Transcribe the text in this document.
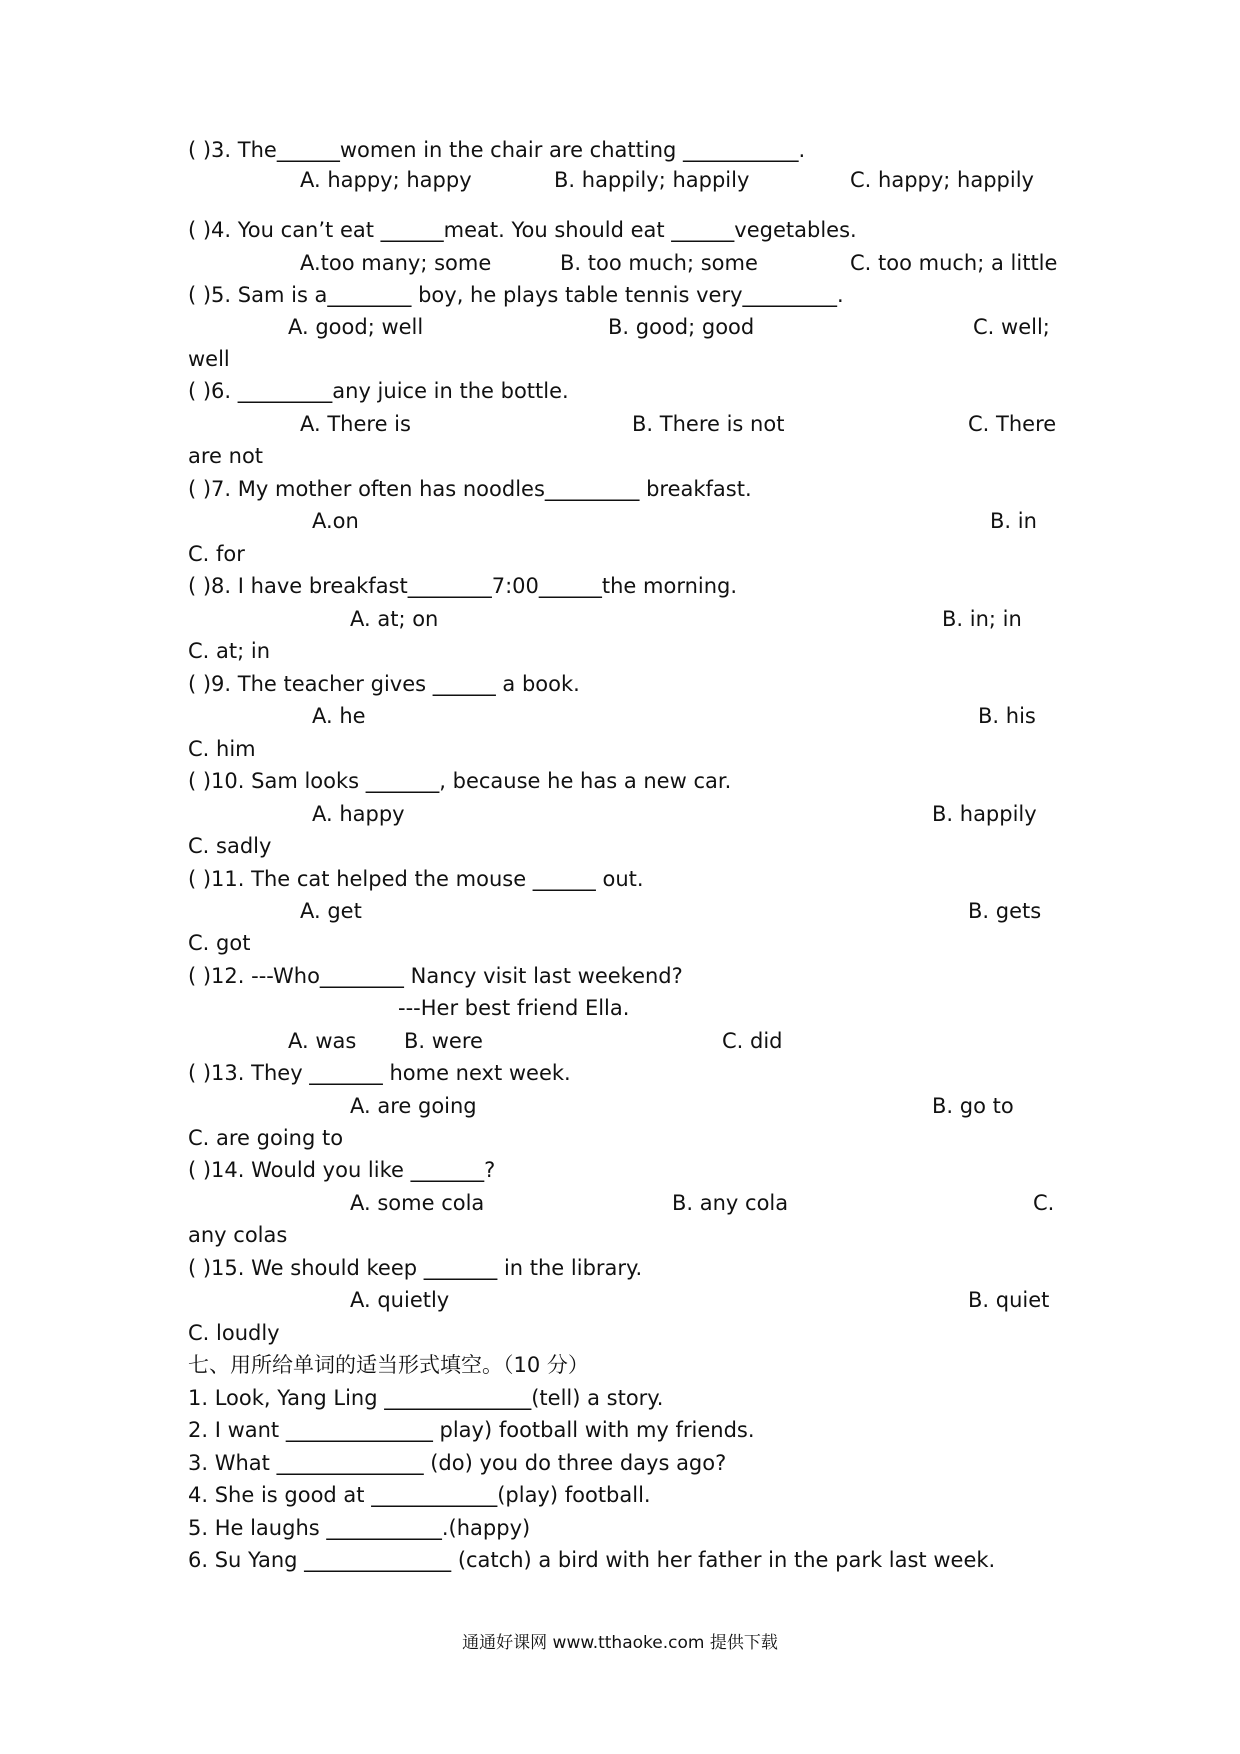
( )3. The______women in the chair are chatting ___________.
A. happy; happy	B. happily; happily	C. happy; happily
( )4. You can’t eat ______meat. You should eat ______vegetables.
A.too many; some	B. too much; some	C. too much; a little
( )5. Sam is a________ boy, he plays table tennis very_________.
A. good; well	B. good; good	C. well;
well
( )6. _________any juice in the bottle.
A. There is	B. There is not	C. There
are not
( )7. My mother often has noodles_________ breakfast.
A.on	B. in
C. for
( )8. I have breakfast________7:00______the morning.
A. at; on	B. in; in
C. at; in
( )9. The teacher gives ______ a book.
A. he	B. his
C. him
( )10. Sam looks _______, because he has a new car.
A. happy	B. happily
C. sadly
( )11. The cat helped the mouse ______ out.
A. get	B. gets
C. got
( )12. ---Who________ Nancy visit last weekend?
---Her best friend Ella.
A. was B. were	C. did
( )13. They _______ home next week.
A. are going	B. go to
C. are going to
( )14. Would you like _______?
A. some cola	B. any cola	C.
any colas
( )15. We should keep _______ in the library.
A. quietly	B. quiet
C. loudly
七、用所给单词的适当形式填空。（10 分）
1. Look, Yang Ling ______________(tell) a story.
2. I want ______________ play) football with my friends.
3. What ______________ (do) you do three days ago?
4. She is good at ____________(play) football.
5. He laughs ___________.(happy)
6. Su Yang ______________ (catch) a bird with her father in the park last week.
通通好课网 www.tthaoke.com 提供下载
